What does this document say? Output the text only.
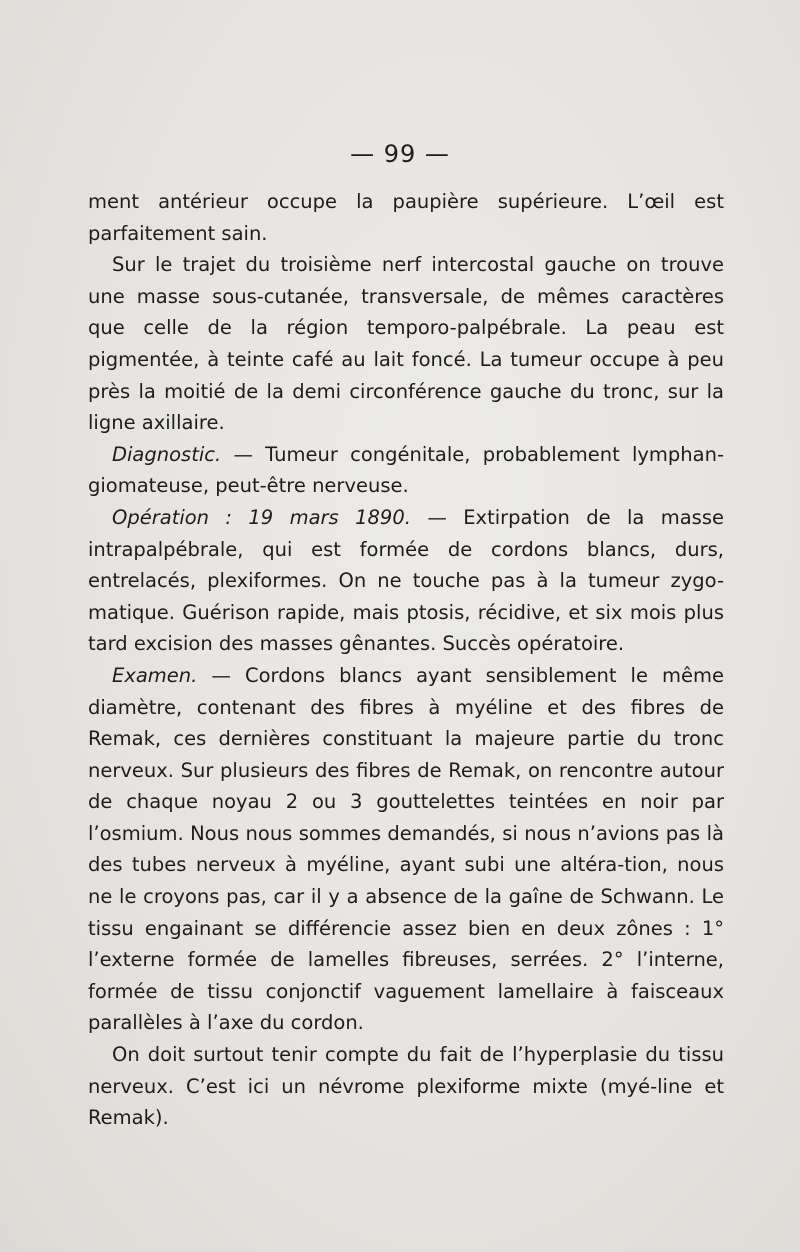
— 99 —

ment antérieur occupe la paupière supérieure. L’œil est parfaitement sain.

Sur le trajet du troisième nerf intercostal gauche on trouve une masse sous-cutanée, transversale, de mêmes caractères que celle de la région temporo-palpébrale. La peau est pigmentée, à teinte café au lait foncé. La tumeur occupe à peu près la moitié de la demi circonférence gauche du tronc, sur la ligne axillaire.

Diagnostic. — Tumeur congénitale, probablement lymphan-giomateuse, peut-être nerveuse.

Opération : 19 mars 1890. — Extirpation de la masse intrapalpébrale, qui est formée de cordons blancs, durs, entrelacés, plexiformes. On ne touche pas à la tumeur zygo-matique. Guérison rapide, mais ptosis, récidive, et six mois plus tard excision des masses gênantes. Succès opératoire.

Examen. — Cordons blancs ayant sensiblement le même diamètre, contenant des fibres à myéline et des fibres de Remak, ces dernières constituant la majeure partie du tronc nerveux. Sur plusieurs des fibres de Remak, on rencontre autour de chaque noyau 2 ou 3 gouttelettes teintées en noir par l’osmium. Nous nous sommes demandés, si nous n’avions pas là des tubes nerveux à myéline, ayant subi une altéra-tion, nous ne le croyons pas, car il y a absence de la gaîne de Schwann. Le tissu engainant se différencie assez bien en deux zônes : 1° l’externe formée de lamelles fibreuses, serrées. 2° l’interne, formée de tissu conjonctif vaguement lamellaire à faisceaux parallèles à l’axe du cordon.

On doit surtout tenir compte du fait de l’hyperplasie du tissu nerveux. C’est ici un névrome plexiforme mixte (myé-line et Remak).
